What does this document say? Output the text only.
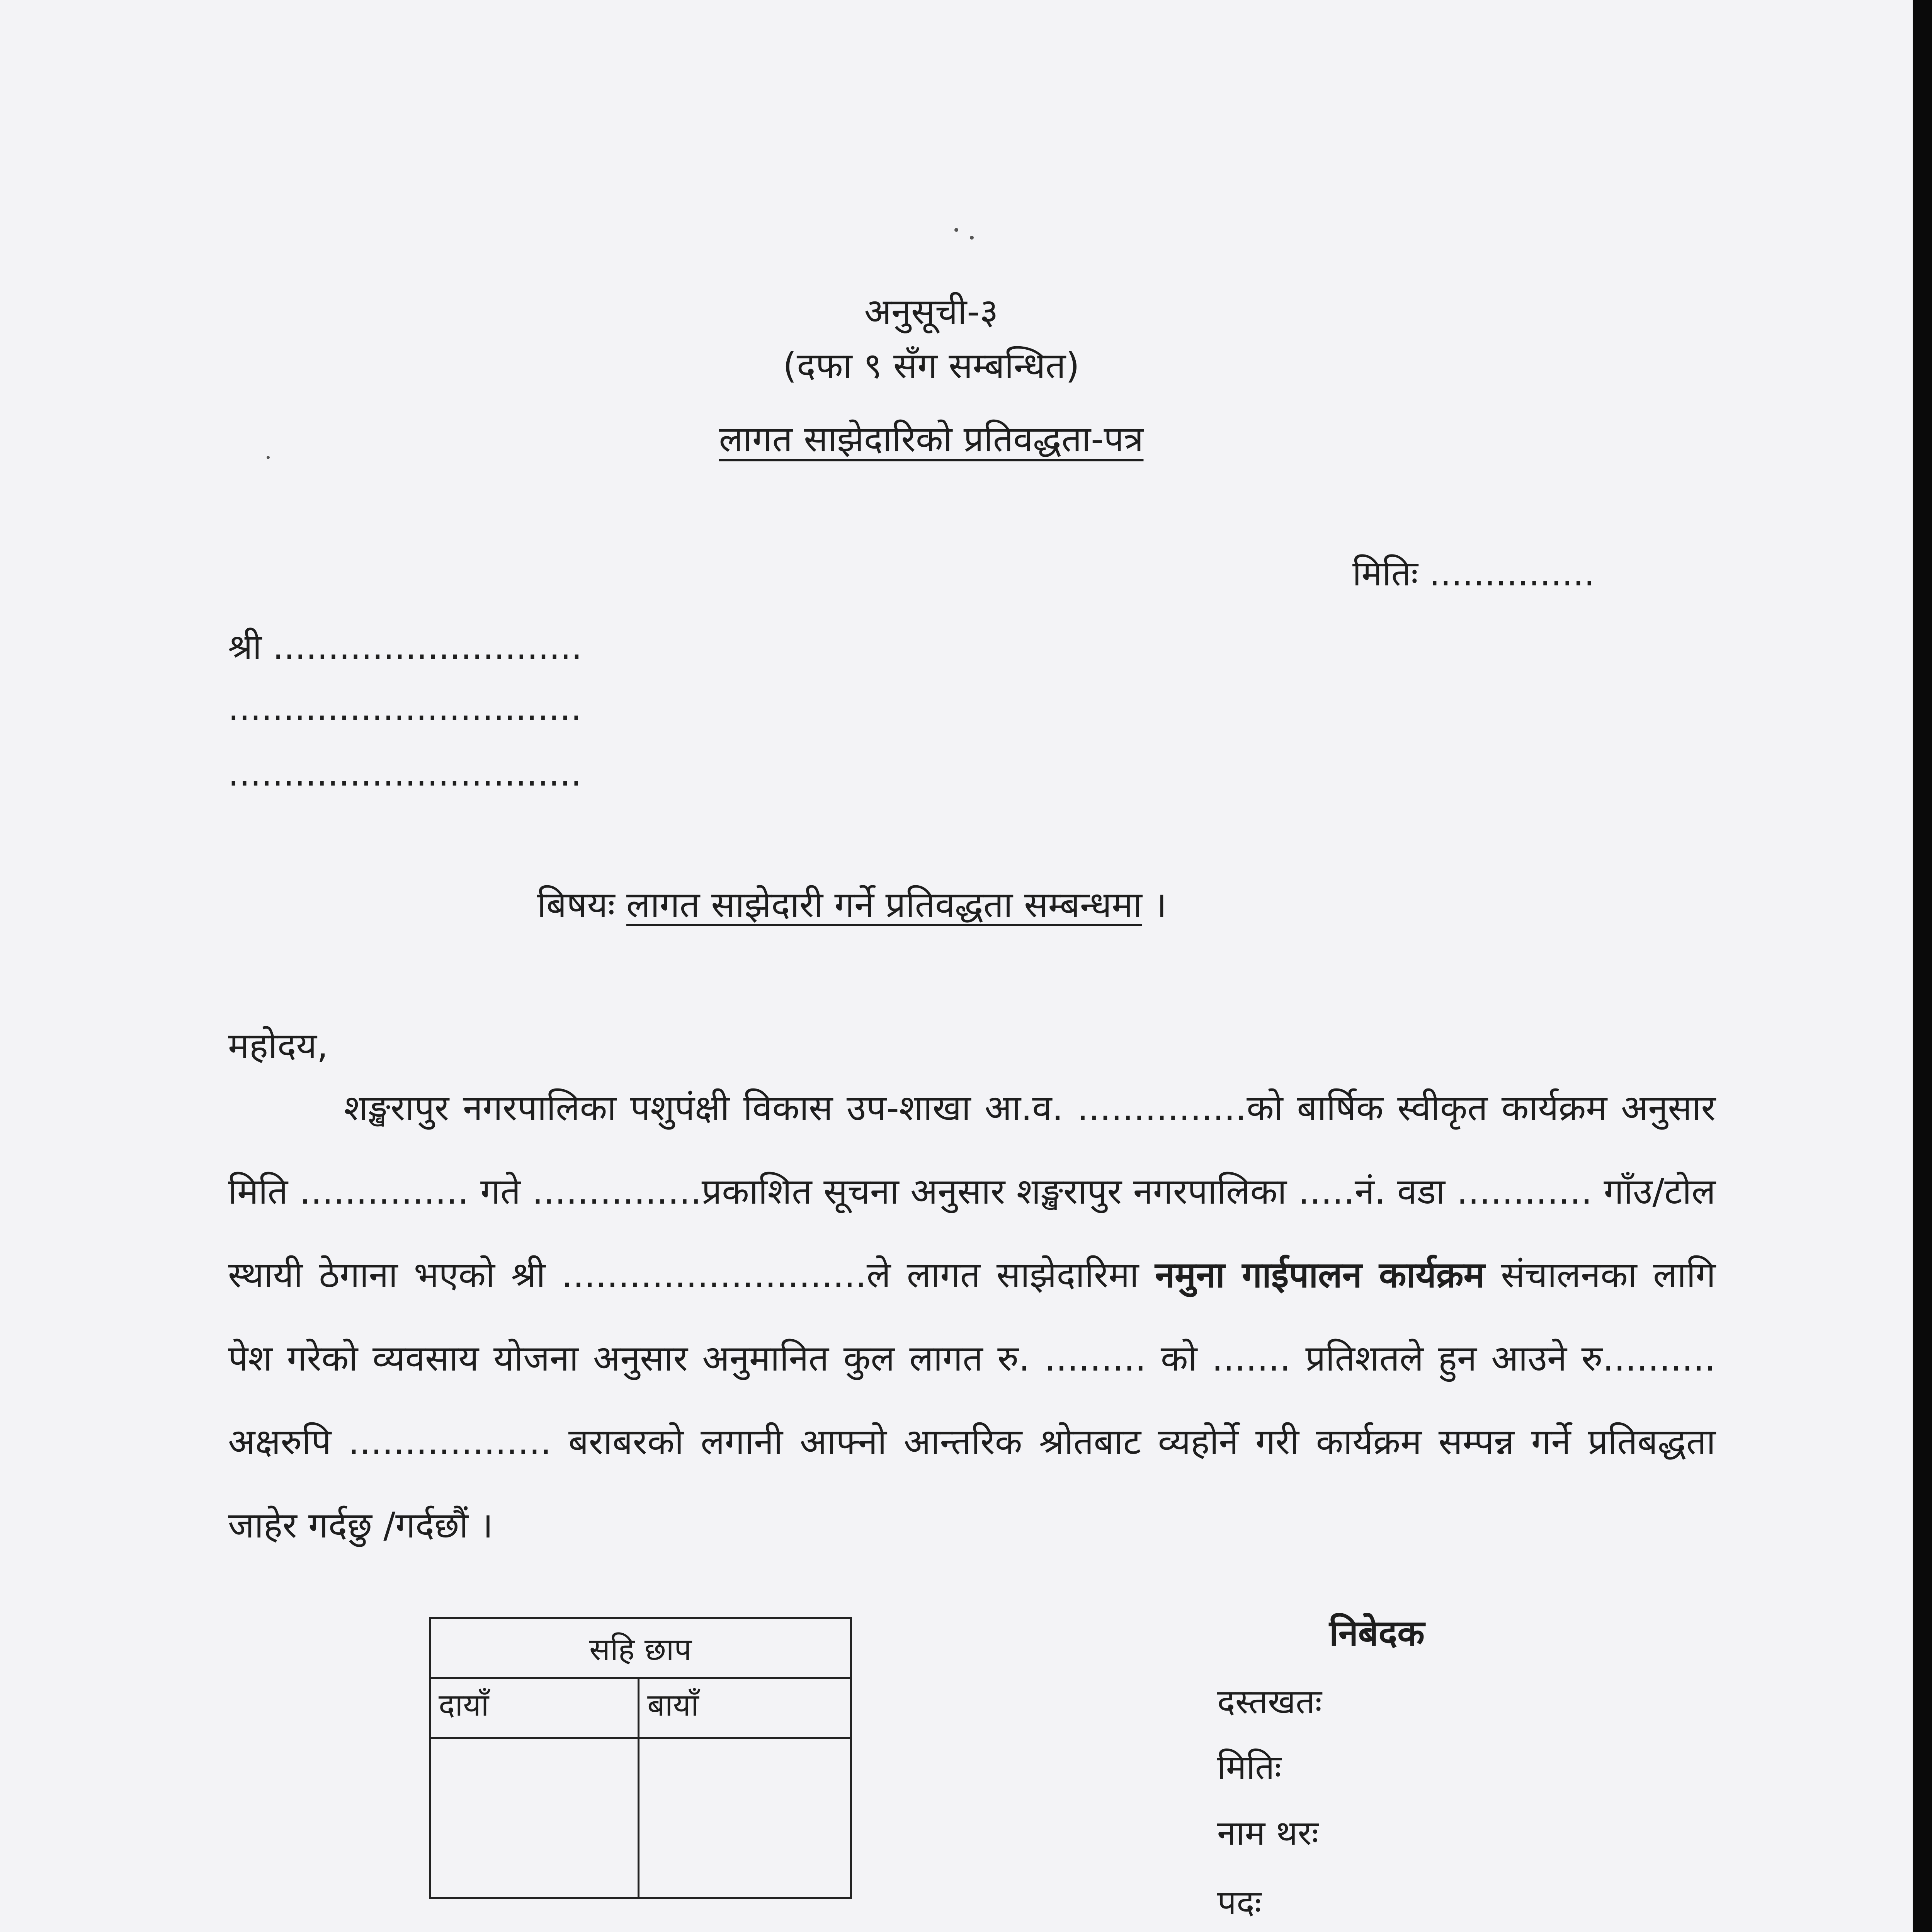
अनुसूची-३
(दफा ९ सँग सम्बन्धित)
लागत साझेदारिको प्रतिवद्धता-पत्र
मितिः ...............
श्री ............................
................................
................................
बिषयः लागत साझेदारी गर्ने प्रतिवद्धता सम्बन्धमा ।
महोदय,
शङ्खरापुर नगरपालिका पशुपंक्षी विकास उप-शाखा आ.व. ...............को बार्षिक स्वीकृत कार्यक्रम अनुसार मिति ............... गते ...............प्रकाशित सूचना अनुसार शङ्खरापुर नगरपालिका .....नं. वडा ............ गाँउ/टोल स्थायी ठेगाना भएको श्री ...........................ले लागत साझेदारिमा नमुना गाईपालन कार्यक्रम संचालनका लागि पेश गरेको व्यवसाय योजना अनुसार अनुमानित कुल लागत रु. ......... को ....... प्रतिशतले हुन आउने रु.......... अक्षरुपि .................. बराबरको लगानी आफ्नो आन्तरिक श्रोतबाट व्यहोर्ने गरी कार्यक्रम सम्पन्न गर्ने प्रतिबद्धता जाहेर गर्दछु /गर्दछौं ।
सहि छाप	
दायाँ	बायाँ

निबेदक
दस्तखतः
मितिः
नाम थरः
पदः
